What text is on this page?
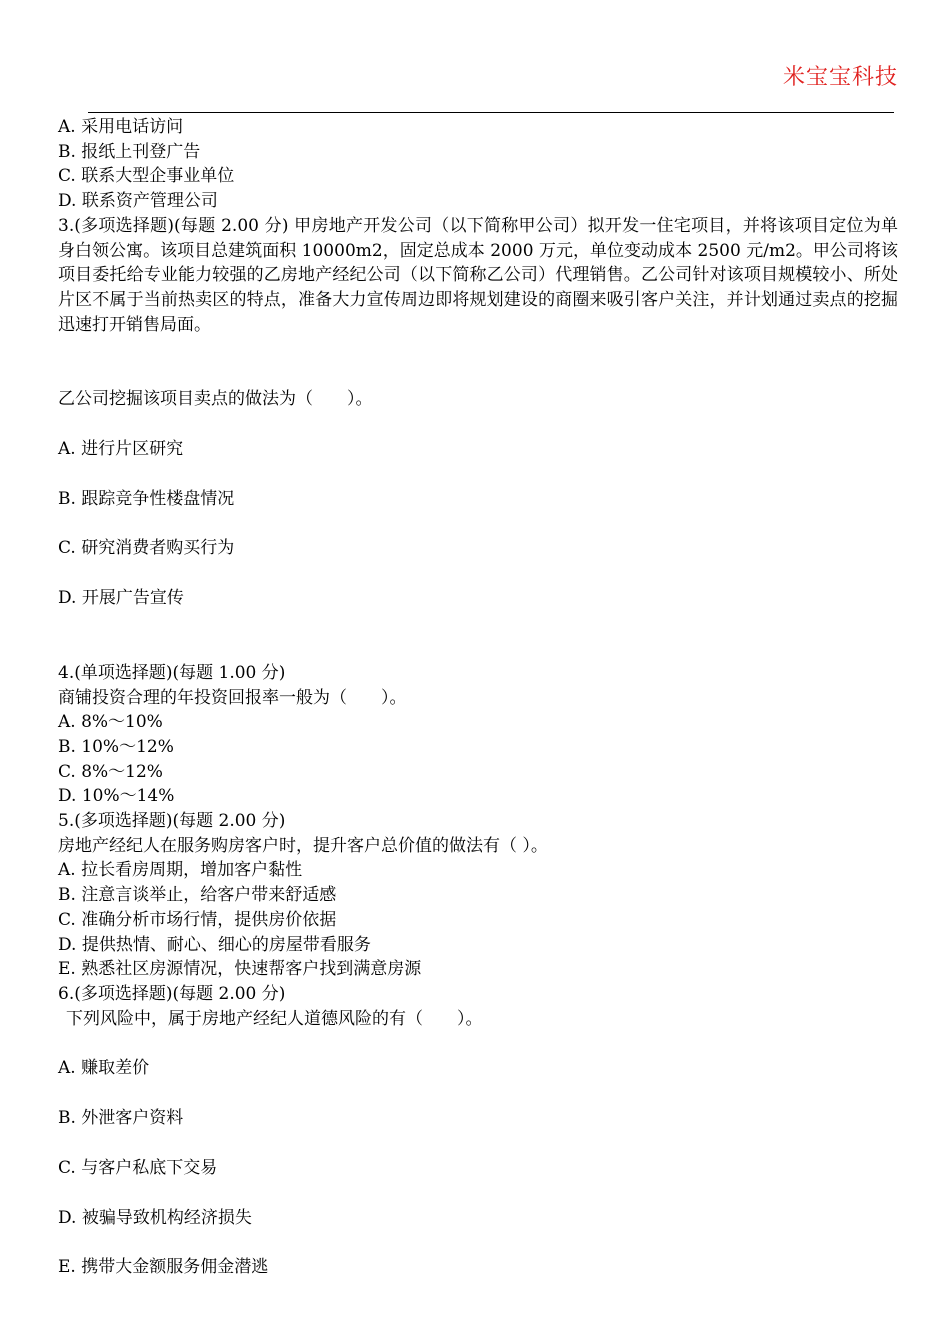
米宝宝科技
A. 采用电话访问
B. 报纸上刊登广告
C. 联系大型企事业单位
D. 联系资产管理公司
3.(多项选择题)(每题 2.00 分) 甲房地产开发公司（以下简称甲公司）拟开发一住宅项目，并将该项目定位为单身白领公寓。该项目总建筑面积 10000m2，固定总成本 2000 万元，单位变动成本 2500 元/m2。甲公司将该项目委托给专业能力较强的乙房地产经纪公司（以下简称乙公司）代理销售。乙公司针对该项目规模较小、所处片区不属于当前热卖区的特点，准备大力宣传周边即将规划建设的商圈来吸引客户关注，并计划通过卖点的挖掘迅速打开销售局面。
乙公司挖掘该项目卖点的做法为（　　）。
A. 进行片区研究
B. 跟踪竞争性楼盘情况
C. 研究消费者购买行为
D. 开展广告宣传
4.(单项选择题)(每题 1.00 分)
商铺投资合理的年投资回报率一般为（　　）。
A. 8%～10%
B. 10%～12%
C. 8%～12%
D. 10%～14%
5.(多项选择题)(每题 2.00 分)
房地产经纪人在服务购房客户时，提升客户总价值的做法有（ ）。
A. 拉长看房周期，增加客户黏性
B. 注意言谈举止，给客户带来舒适感
C. 准确分析市场行情，提供房价依据
D. 提供热情、耐心、细心的房屋带看服务
E. 熟悉社区房源情况，快速帮客户找到满意房源
6.(多项选择题)(每题 2.00 分)
下列风险中，属于房地产经纪人道德风险的有（　　）。
A. 赚取差价
B. 外泄客户资料
C. 与客户私底下交易
D. 被骗导致机构经济损失
E. 携带大金额服务佣金潜逃
